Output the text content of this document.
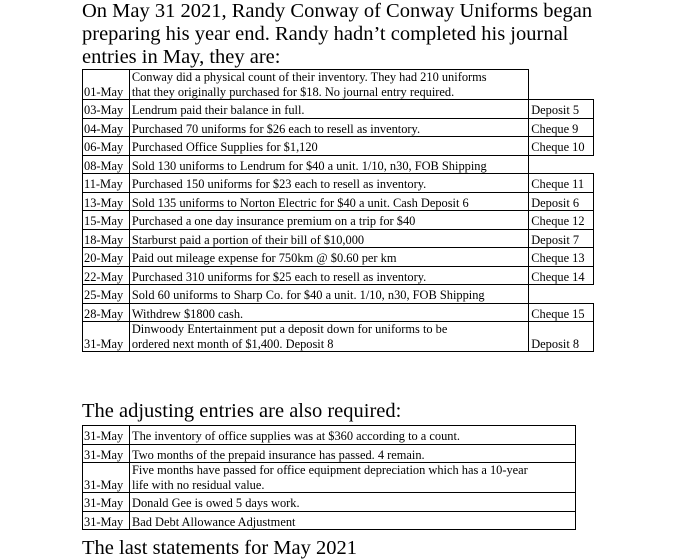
On May 31 2021, Randy Conway of Conway Uniforms began
preparing his year end. Randy hadn’t completed his journal
entries in May, they are:
01-May	Conway did a physical count of their inventory. They had 210 uniforms
that they originally purchased for $18. No journal entry required.	

03-May	Lendrum paid their balance in full.	Deposit 5
04-May	Purchased 70 uniforms for $26 each to resell as inventory.	Cheque 9
06-May	Purchased Office Supplies for $1,120	Cheque 10
08-May	Sold 130 uniforms to Lendrum for $40 a unit. 1/10, n30, FOB Shipping	
11-May	Purchased 150 uniforms for $23 each to resell as inventory.	Cheque 11
13-May	Sold 135 uniforms to Norton Electric for $40 a unit. Cash Deposit 6	Deposit 6
15-May	Purchased a one day insurance premium on a trip for $40	Cheque 12
18-May	Starburst paid a portion of their bill of $10,000	Deposit 7
20-May	Paid out mileage expense for 750km @ $0.60 per km	Cheque 13
22-May	Purchased 310 uniforms for $25 each to resell as inventory.	Cheque 14
25-May	Sold 60 uniforms to Sharp Co. for $40 a unit. 1/10, n30, FOB Shipping	
28-May	Withdrew $1800 cash.	Cheque 15
31-May	Dinwoody Entertainment put a deposit down for uniforms to be
ordered next month of $1,400. Deposit 8	Deposit 8

The adjusting entries are also required:

31-May	The inventory of office supplies was at $360 according to a count.
31-May	Two months of the prepaid insurance has passed. 4 remain.
31-May	Five months have passed for office equipment depreciation which has a 10-year
life with no residual value.

31-May	Donald Gee is owed 5 days work.
31-May	Bad Debt Allowance Adjustment
The last statements for May 2021
